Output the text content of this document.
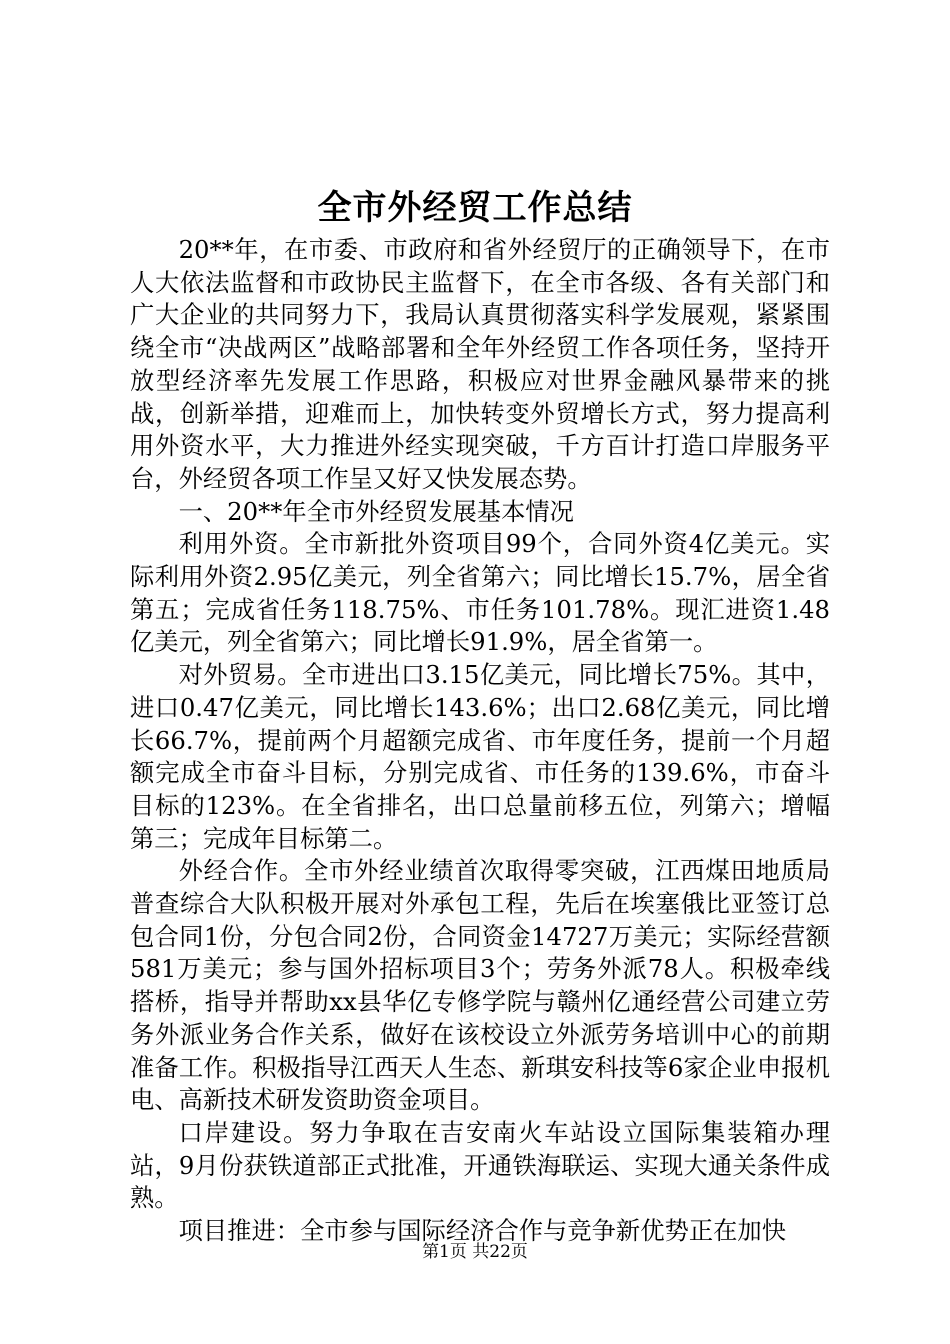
全市外经贸工作总结

20**年，在市委、市政府和省外经贸厅的正确领导下，在市人大依法监督和市政协民主监督下，在全市各级、各有关部门和广大企业的共同努力下，我局认真贯彻落实科学发展观，紧紧围绕全市“决战两区”战略部署和全年外经贸工作各项任务，坚持开放型经济率先发展工作思路，积极应对世界金融风暴带来的挑战，创新举措，迎难而上，加快转变外贸增长方式，努力提高利用外资水平，大力推进外经实现突破，千方百计打造口岸服务平台，外经贸各项工作呈又好又快发展态势。

一、20**年全市外经贸发展基本情况

利用外资。全市新批外资项目99个，合同外资4亿美元。实际利用外资2.95亿美元，列全省第六；同比增长15.7%，居全省第五；完成省任务118.75%、市任务101.78%。现汇进资1.48亿美元，列全省第六；同比增长91.9%，居全省第一。

对外贸易。全市进出口3.15亿美元，同比增长75%。其中，进口0.47亿美元，同比增长143.6%；出口2.68亿美元，同比增长66.7%，提前两个月超额完成省、市年度任务，提前一个月超额完成全市奋斗目标，分别完成省、市任务的139.6%，市奋斗目标的123%。在全省排名，出口总量前移五位，列第六；增幅第三；完成年目标第二。

外经合作。全市外经业绩首次取得零突破，江西煤田地质局普查综合大队积极开展对外承包工程，先后在埃塞俄比亚签订总包合同1份，分包合同2份，合同资金14727万美元；实际经营额581万美元；参与国外招标项目3个；劳务外派78人。积极牵线搭桥，指导并帮助xx县华亿专修学院与赣州亿通经营公司建立劳务外派业务合作关系，做好在该校设立外派劳务培训中心的前期准备工作。积极指导江西天人生态、新琪安科技等6家企业申报机电、高新技术研发资助资金项目。

口岸建设。努力争取在吉安南火车站设立国际集装箱办理站，9月份获铁道部正式批准，开通铁海联运、实现大通关条件成熟。

项目推进：全市参与国际经济合作与竞争新优势正在加快

第1页 共22页
